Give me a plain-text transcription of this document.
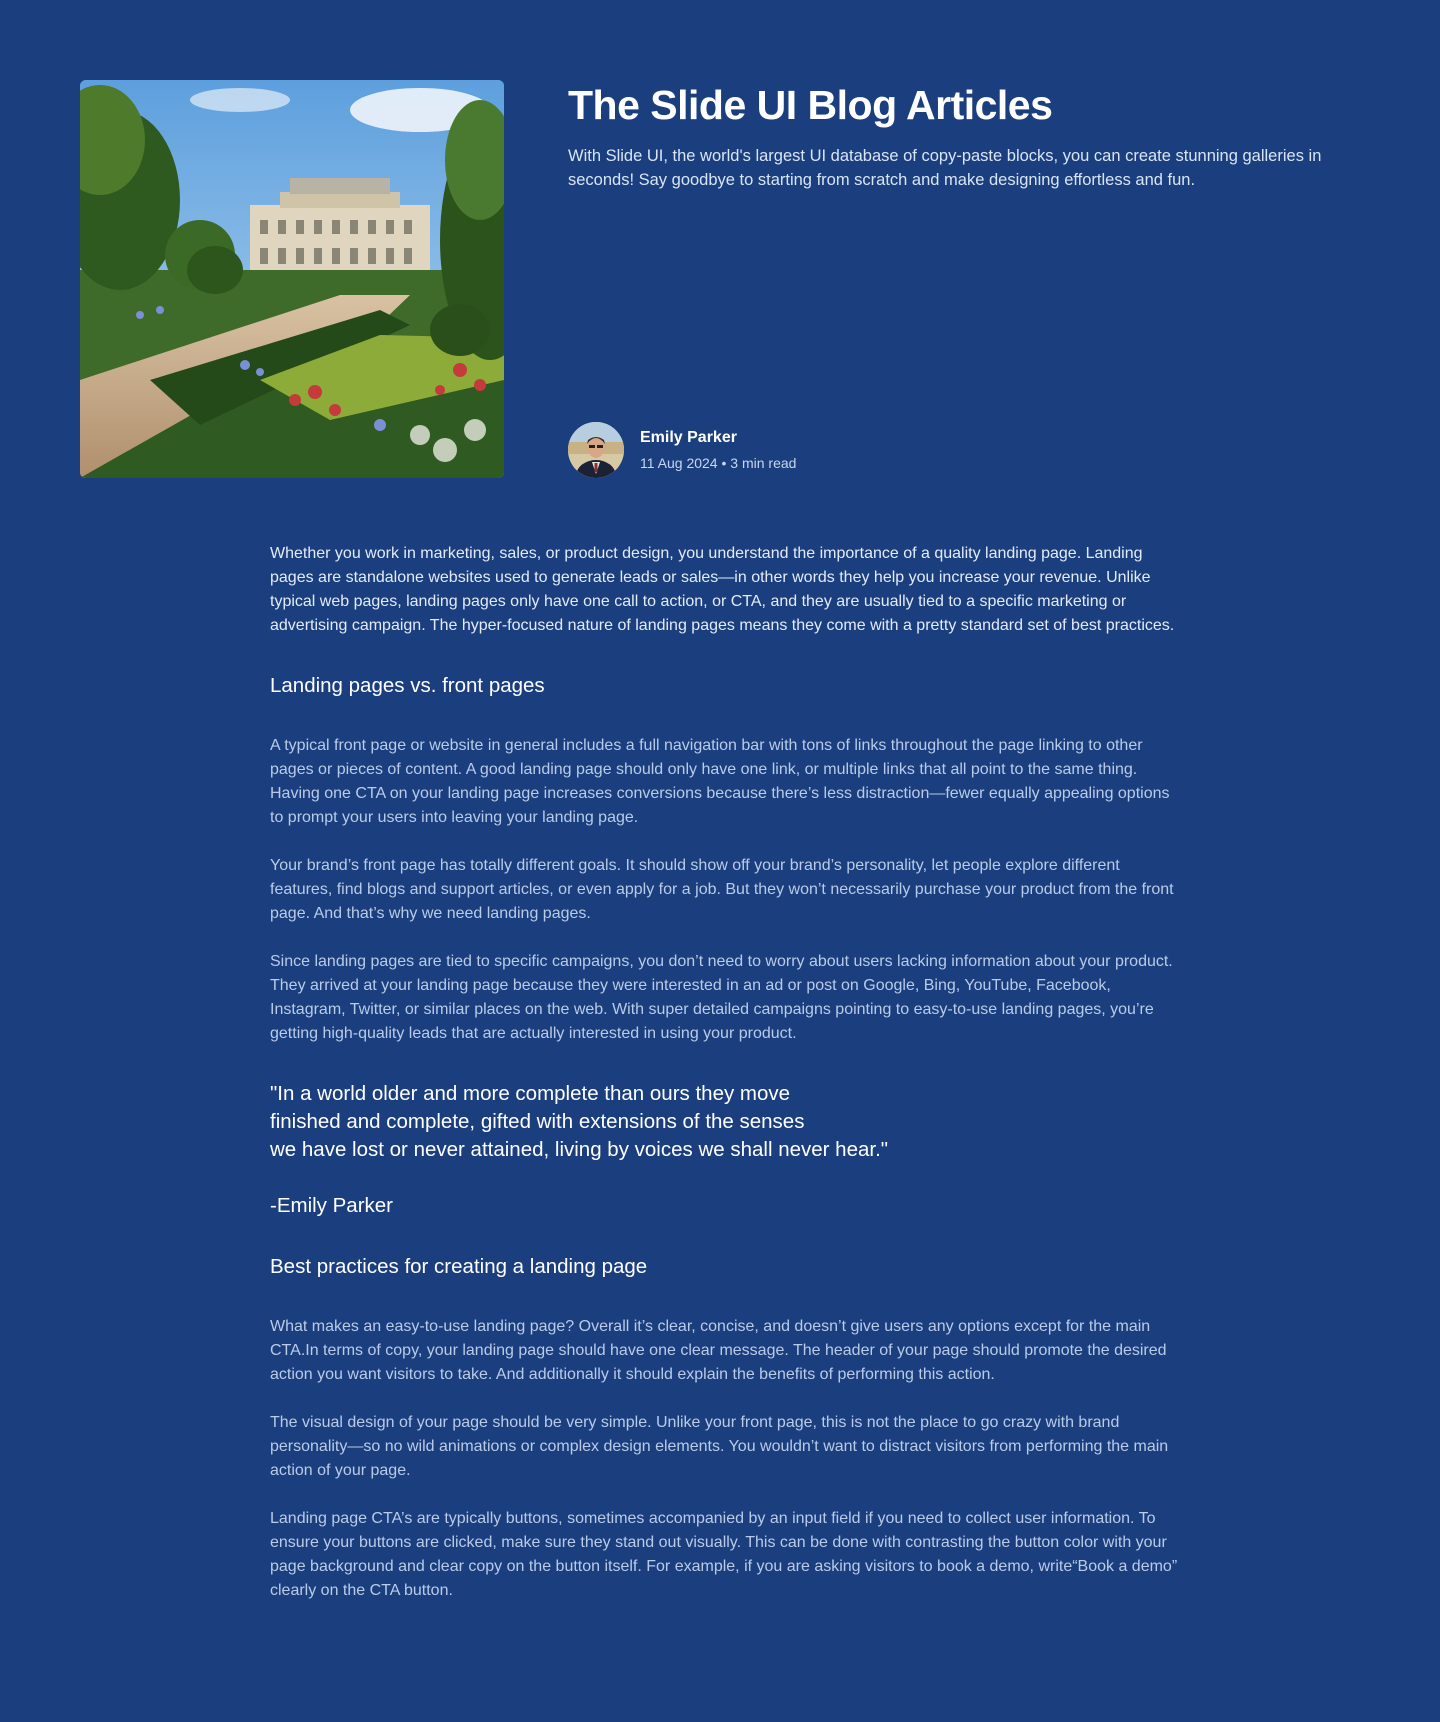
The Slide UI Blog Articles

With Slide UI, the world's largest UI database of copy-paste blocks, you can create stunning galleries in seconds! Say goodbye to starting from scratch and make designing effortless and fun.

Emily Parker
11 Aug 2024 • 3 min read

Whether you work in marketing, sales, or product design, you understand the importance of a quality landing page. Landing pages are standalone websites used to generate leads or sales—in other words they help you increase your revenue. Unlike typical web pages, landing pages only have one call to action, or CTA, and they are usually tied to a specific marketing or advertising campaign. The hyper-focused nature of landing pages means they come with a pretty standard set of best practices.

Landing pages vs. front pages

A typical front page or website in general includes a full navigation bar with tons of links throughout the page linking to other pages or pieces of content. A good landing page should only have one link, or multiple links that all point to the same thing. Having one CTA on your landing page increases conversions because there’s less distraction—fewer equally appealing options to prompt your users into leaving your landing page.

Your brand’s front page has totally different goals. It should show off your brand’s personality, let people explore different features, find blogs and support articles, or even apply for a job. But they won’t necessarily purchase your product from the front page. And that’s why we need landing pages.

Since landing pages are tied to specific campaigns, you don’t need to worry about users lacking information about your product. They arrived at your landing page because they were interested in an ad or post on Google, Bing, YouTube, Facebook, Instagram, Twitter, or similar places on the web. With super detailed campaigns pointing to easy-to-use landing pages, you’re getting high-quality leads that are actually interested in using your product.

"In a world older and more complete than ours they move
finished and complete, gifted with extensions of the senses
we have lost or never attained, living by voices we shall never hear."
-Emily Parker
Best practices for creating a landing page

What makes an easy-to-use landing page? Overall it’s clear, concise, and doesn’t give users any options except for the main CTA.In terms of copy, your landing page should have one clear message. The header of your page should promote the desired action you want visitors to take. And additionally it should explain the benefits of performing this action.

The visual design of your page should be very simple. Unlike your front page, this is not the place to go crazy with brand personality—so no wild animations or complex design elements. You wouldn’t want to distract visitors from performing the main action of your page.

Landing page CTA’s are typically buttons, sometimes accompanied by an input field if you need to collect user information. To ensure your buttons are clicked, make sure they stand out visually. This can be done with contrasting the button color with your page background and clear copy on the button itself. For example, if you are asking visitors to book a demo, write“Book a demo” clearly on the CTA button.
